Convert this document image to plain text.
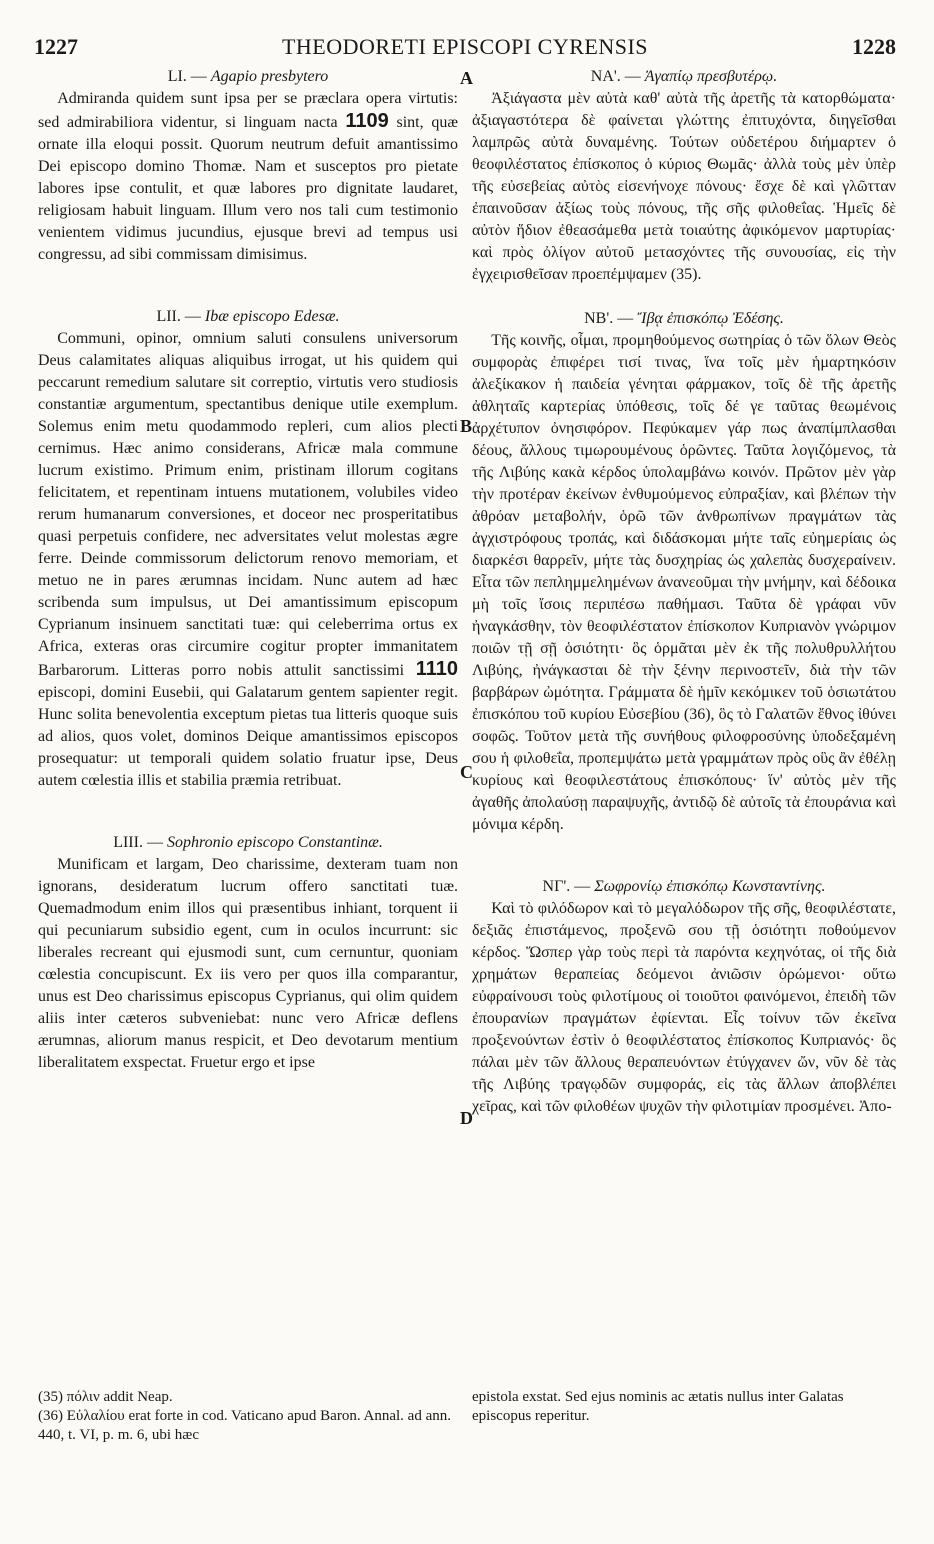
1227	THEODORETI EPISCOPI CYRENSIS	1228
A
B
C
D
LI. — Agapio presbytero

Admiranda quidem sunt ipsa per se præclara opera virtutis: sed admirabiliora videntur, si linguam nacta 1109 sint, quæ ornate illa eloqui possit. Quorum neutrum defuit amantissimo Dei episcopo domino Thomæ. Nam et susceptos pro pietate labores ipse contulit, et quæ labores pro dignitate laudaret, religiosam habuit linguam. Illum vero nos tali cum testimonio venientem vidimus jucundius, ejusque brevi ad tempus usi congressu, ad sibi commissam dimisimus.

LII. — Ibæ episcopo Edesæ.

Communi, opinor, omnium saluti consulens universorum Deus calamitates aliquas aliquibus irrogat, ut his quidem qui peccarunt remedium salutare sit correptio, virtutis vero studiosis constantiæ argumentum, spectantibus denique utile exemplum. Solemus enim metu quodammodo repleri, cum alios plecti cernimus. Hæc animo considerans, Africæ mala commune lucrum existimo. Primum enim, pristinam illorum cogitans felicitatem, et repentinam intuens mutationem, volubiles video rerum humanarum conversiones, et doceor nec prosperitatibus quasi perpetuis confidere, nec adversitates velut molestas ægre ferre. Deinde commissorum delictorum renovo memoriam, et metuo ne in pares ærumnas incidam. Nunc autem ad hæc scribenda sum impulsus, ut Dei amantissimum episcopum Cyprianum insinuem sanctitati tuæ: qui celeberrima ortus ex Africa, exteras oras circumire cogitur propter immanitatem Barbarorum. Litteras porro nobis attulit sanctissimi 1110 episcopi, domini Eusebii, qui Galatarum gentem sapienter regit. Hunc solita benevolentia exceptum pietas tua litteris quoque suis ad alios, quos volet, dominos Deique amantissimos episcopos prosequatur: ut temporali quidem solatio fruatur ipse, Deus autem cœlestia illis et stabilia præmia retribuat.

LIII. — Sophronio episcopo Constantinæ.

Munificam et largam, Deo charissime, dexteram tuam non ignorans, desideratum lucrum offero sanctitati tuæ. Quemadmodum enim illos qui præsentibus inhiant, torquent ii qui pecuniarum subsidio egent, cum in oculos incurrunt: sic liberales recreant qui ejusmodi sunt, cum cernuntur, quoniam cœlestia concupiscunt. Ex iis vero per quos illa comparantur, unus est Deo charissimus episcopus Cyprianus, qui olim quidem aliis inter cæteros subveniebat: nunc vero Africæ deflens ærumnas, aliorum manus respicit, et Deo devotarum mentium liberalitatem exspectat. Fruetur ergo et ipse

ΝΑ'. — Ἀγαπίῳ πρεσβυτέρῳ.

Ἀξιάγαστα μὲν αὐτὰ καθ' αὐτὰ τῆς ἀρετῆς τὰ κατορθώματα· ἀξιαγαστότερα δὲ φαίνεται γλώττης ἐπιτυχόντα, διηγεῖσθαι λαμπρῶς αὐτὰ δυναμένης. Τούτων οὐδετέρου διήμαρτεν ὁ θεοφιλέστατος ἐπίσκοπος ὁ κύριος Θωμᾶς· ἀλλὰ τοὺς μὲν ὑπὲρ τῆς εὐσεβείας αὐτὸς εἰσενήνοχε πόνους· ἔσχε δὲ καὶ γλῶτταν ἐπαινοῦσαν ἀξίως τοὺς πόνους, τῆς σῆς φιλοθεΐας. Ἡμεῖς δὲ αὐτὸν ἥδιον ἐθεασάμεθα μετὰ τοιαύτης ἀφικόμενον μαρτυρίας· καὶ πρὸς ὀλίγον αὐτοῦ μετασχόντες τῆς συνουσίας, εἰς τὴν ἐγχειρισθεῖσαν προεπέμψαμεν (35).

ΝΒ'. — Ἴβᾳ ἐπισκόπῳ Ἐδέσης.

Τῆς κοινῆς, οἶμαι, προμηθούμενος σωτηρίας ὁ τῶν ὅλων Θεὸς συμφορὰς ἐπιφέρει τισί τινας, ἵνα τοῖς μὲν ἡμαρτηκόσιν ἀλεξίκακον ἡ παιδεία γένηται φάρμακον, τοῖς δὲ τῆς ἀρετῆς ἀθληταῖς καρτερίας ὑπόθεσις, τοῖς δέ γε ταῦτας θεωμένοις ἀρχέτυπον ὀνησιφόρον. Πεφύκαμεν γάρ πως ἀναπίμπλασθαι δέους, ἄλλους τιμωρουμένους ὁρῶντες. Ταῦτα λογιζόμενος, τὰ τῆς Λιβύης κακὰ κέρδος ὑπολαμβάνω κοινόν. Πρῶτον μὲν γὰρ τὴν προτέραν ἐκείνων ἐνθυμούμενος εὐπραξίαν, καὶ βλέπων τὴν ἀθρόαν μεταβολήν, ὁρῶ τῶν ἀνθρωπίνων πραγμάτων τὰς ἀγχιστρόφους τροπάς, καὶ διδάσκομαι μήτε ταῖς εὐημερίαις ὡς διαρκέσι θαρρεῖν, μήτε τὰς δυσχηρίας ὡς χαλεπὰς δυσχεραίνειν. Εἶτα τῶν πεπλημμελημένων ἀνανεοῦμαι τὴν μνήμην, καὶ δέδοικα μὴ τοῖς ἴσοις περιπέσω παθήμασι. Ταῦτα δὲ γράφαι νῦν ἠναγκάσθην, τὸν θεοφιλέστατον ἐπίσκοπον Κυπριανὸν γνώριμον ποιῶν τῇ σῇ ὁσιότητι· ὃς ὁρμᾶται μὲν ἐκ τῆς πολυθρυλλήτου Λιβύης, ἠνάγκασται δὲ τὴν ξένην περινοστεῖν, διὰ τὴν τῶν βαρβάρων ὠμότητα. Γράμματα δὲ ἡμῖν κεκόμικεν τοῦ ὁσιωτάτου ἐπισκόπου τοῦ κυρίου Εὐσεβίου (36), ὃς τὸ Γαλατῶν ἔθνος ἰθύνει σοφῶς. Τοῦτον μετὰ τῆς συνήθους φιλοφροσύνης ὑποδεξαμένη σου ἡ φιλοθεΐα, προπεμψάτω μετὰ γραμμάτων πρὸς οὓς ἂν ἐθέλῃ κυρίους καὶ θεοφιλεστάτους ἐπισκόπους· ἵν' αὐτὸς μὲν τῆς ἀγαθῆς ἀπολαύσῃ παραψυχῆς, ἀντιδῷ δὲ αὐτοῖς τὰ ἐπουράνια καὶ μόνιμα κέρδη.

ΝΓ'. — Σωφρονίῳ ἐπισκόπῳ Κωνσταντίνης.

Καὶ τὸ φιλόδωρον καὶ τὸ μεγαλόδωρον τῆς σῆς, θεοφιλέστατε, δεξιᾶς ἐπιστάμενος, προξενῶ σου τῇ ὁσιότητι ποθούμενον κέρδος. Ὥσπερ γὰρ τοὺς περὶ τὰ παρόντα κεχηνότας, οἱ τῆς διὰ χρημάτων θεραπείας δεόμενοι ἀνιῶσιν ὁρώμενοι· οὕτω εὐφραίνουσι τοὺς φιλοτίμους οἱ τοιοῦτοι φαινόμενοι, ἐπειδὴ τῶν ἐπουρανίων πραγμάτων ἐφίενται. Εἷς τοίνυν τῶν ἐκεῖνα προξενούντων ἐστὶν ὁ θεοφιλέστατος ἐπίσκοπος Κυπριανός· ὃς πάλαι μὲν τῶν ἄλλους θεραπευόντων ἐτύγχανεν ὤν, νῦν δὲ τὰς τῆς Λιβύης τραγῳδῶν συμφοράς, εἰς τὰς ἄλλων ἀποβλέπει χεῖρας, καὶ τῶν φιλοθέων ψυχῶν τὴν φιλοτιμίαν προσμένει. Ἀπο-

(35) πόλιν addit Neap.
(36) Εὐλαλίου erat forte in cod. Vaticano apud Baron. Annal. ad ann. 440, t. VI, p. m. 6, ubi hæc
epistola exstat. Sed ejus nominis ac ætatis nullus inter Galatas episcopus reperitur.
